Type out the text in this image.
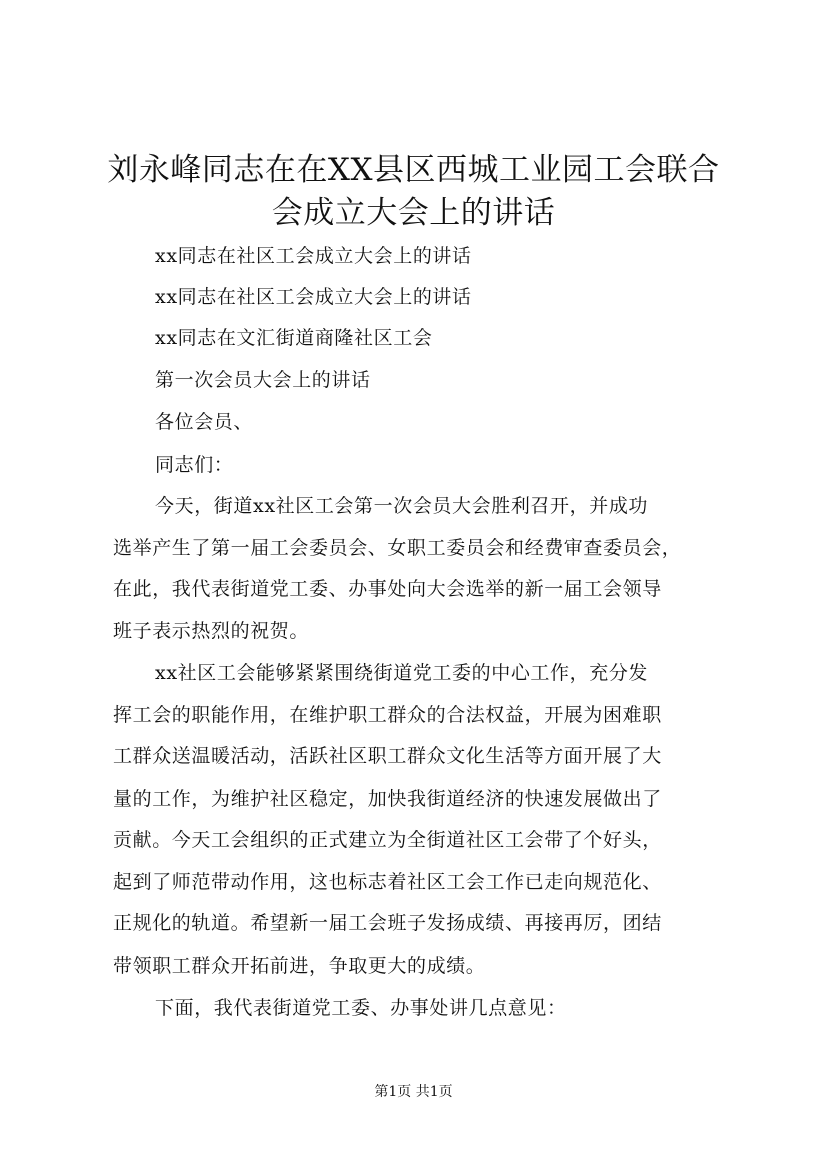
刘永峰同志在在XX县区西城工业园工会联合
会成立大会上的讲话
xx同志在社区工会成立大会上的讲话
xx同志在社区工会成立大会上的讲话
xx同志在文汇街道商隆社区工会
第一次会员大会上的讲话
各位会员、
同志们：
今天，街道xx社区工会第一次会员大会胜利召开，并成功
选举产生了第一届工会委员会、女职工委员会和经费审查委员会，
在此，我代表街道党工委、办事处向大会选举的新一届工会领导
班子表示热烈的祝贺。
xx社区工会能够紧紧围绕街道党工委的中心工作，充分发
挥工会的职能作用，在维护职工群众的合法权益，开展为困难职
工群众送温暖活动，活跃社区职工群众文化生活等方面开展了大
量的工作，为维护社区稳定，加快我街道经济的快速发展做出了
贡献。今天工会组织的正式建立为全街道社区工会带了个好头，
起到了师范带动作用，这也标志着社区工会工作已走向规范化、
正规化的轨道。希望新一届工会班子发扬成绩、再接再厉，团结
带领职工群众开拓前进，争取更大的成绩。
下面，我代表街道党工委、办事处讲几点意见：
第1页 共1页
